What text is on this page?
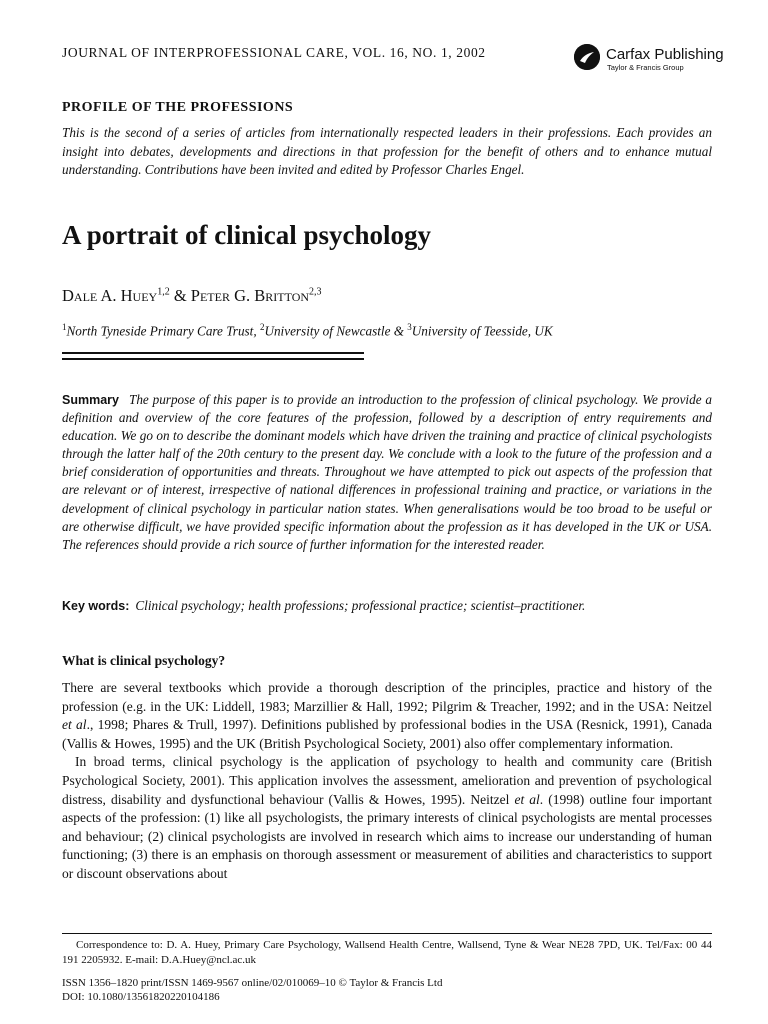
JOURNAL OF INTERPROFESSIONAL CARE, VOL. 16, NO. 1, 2002	Carfax Publishing
Taylor & Francis Group
PROFILE OF THE PROFESSIONS
This is the second of a series of articles from internationally respected leaders in their professions. Each provides an insight into debates, developments and directions in that profession for the benefit of others and to enhance mutual understanding. Contributions have been invited and edited by Professor Charles Engel.
A portrait of clinical psychology
Dale A. Huey$^{1,2}$ & Peter G. Britton$^{2,3}$
$^1$North Tyneside Primary Care Trust, $^2$University of Newcastle & $^3$University of Teesside, UK
Summary The purpose of this paper is to provide an introduction to the profession of clinical psychology. We provide a definition and overview of the core features of the profession, followed by a description of entry requirements and education. We go on to describe the dominant models which have driven the training and practice of clinical psychologists through the latter half of the 20th century to the present day. We conclude with a look to the future of the profession and a brief consideration of opportunities and threats. Throughout we have attempted to pick out aspects of the profession that are relevant or of interest, irrespective of national differences in professional training and practice, or variations in the development of clinical psychology in particular nation states. When generalisations would be too broad to be useful or are otherwise difficult, we have provided specific information about the profession as it has developed in the UK or USA. The references should provide a rich source of further information for the interested reader.
Key words: Clinical psychology; health professions; professional practice; scientist–practitioner.
What is clinical psychology?

There are several textbooks which provide a thorough description of the principles, practice and history of the profession (e.g. in the UK: Liddell, 1983; Marzillier & Hall, 1992; Pilgrim & Treacher, 1992; and in the USA: Neitzel et al., 1998; Phares & Trull, 1997). Definitions published by professional bodies in the USA (Resnick, 1991), Canada (Vallis & Howes, 1995) and the UK (British Psychological Society, 2001) also offer complementary information.

In broad terms, clinical psychology is the application of psychology to health and community care (British Psychological Society, 2001). This application involves the assessment, amelioration and prevention of psychological distress, disability and dysfunctional behaviour (Vallis & Howes, 1995). Neitzel et al. (1998) outline four important aspects of the profession: (1) like all psychologists, the primary interests of clinical psychologists are mental processes and behaviour; (2) clinical psychologists are involved in research which aims to increase our understanding of human functioning; (3) there is an emphasis on thorough assessment or measurement of abilities and characteristics to support or discount observations about

Correspondence to: D. A. Huey, Primary Care Psychology, Wallsend Health Centre, Wallsend, Tyne & Wear NE28 7PD, UK. Tel/Fax: 00 44 191 2205932. E-mail: D.A.Huey@ncl.ac.uk
ISSN 1356–1820 print/ISSN 1469-9567 online/02/010069–10 © Taylor & Francis Ltd
DOI: 10.1080/13561820220104186
